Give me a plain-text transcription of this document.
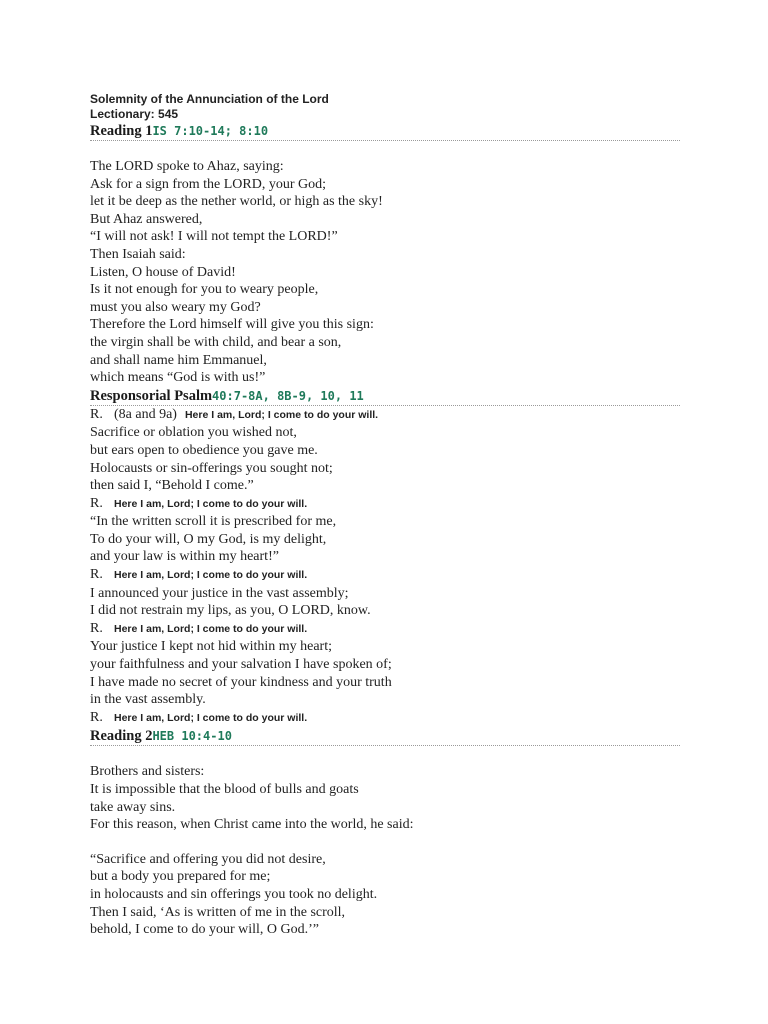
Solemnity of the Annunciation of the Lord
Lectionary: 545
Reading 1IS 7:10-14; 8:10
The LORD spoke to Ahaz, saying:
Ask for a sign from the LORD, your God;
let it be deep as the nether world, or high as the sky!
But Ahaz answered,
“I will not ask! I will not tempt the LORD!”
Then Isaiah said:
Listen, O house of David!
Is it not enough for you to weary people,
must you also weary my God?
Therefore the Lord himself will give you this sign:
the virgin shall be with child, and bear a son,
and shall name him Emmanuel,
which means “God is with us!”
Responsorial Psalm40:7-8A, 8B-9, 10, 11
R. (8a and 9a) Here I am, Lord; I come to do your will.
Sacrifice or oblation you wished not,
but ears open to obedience you gave me.
Holocausts or sin-offerings you sought not;
then said I, “Behold I come.”
R. Here I am, Lord; I come to do your will.
“In the written scroll it is prescribed for me,
To do your will, O my God, is my delight,
and your law is within my heart!”
R. Here I am, Lord; I come to do your will.
I announced your justice in the vast assembly;
I did not restrain my lips, as you, O LORD, know.
R. Here I am, Lord; I come to do your will.
Your justice I kept not hid within my heart;
your faithfulness and your salvation I have spoken of;
I have made no secret of your kindness and your truth
in the vast assembly.
R. Here I am, Lord; I come to do your will.
Reading 2HEB 10:4-10
Brothers and sisters:
It is impossible that the blood of bulls and goats
take away sins.
For this reason, when Christ came into the world, he said:
“Sacrifice and offering you did not desire,
but a body you prepared for me;
in holocausts and sin offerings you took no delight.
Then I said, ‘As is written of me in the scroll,
behold, I come to do your will, O God.’”
